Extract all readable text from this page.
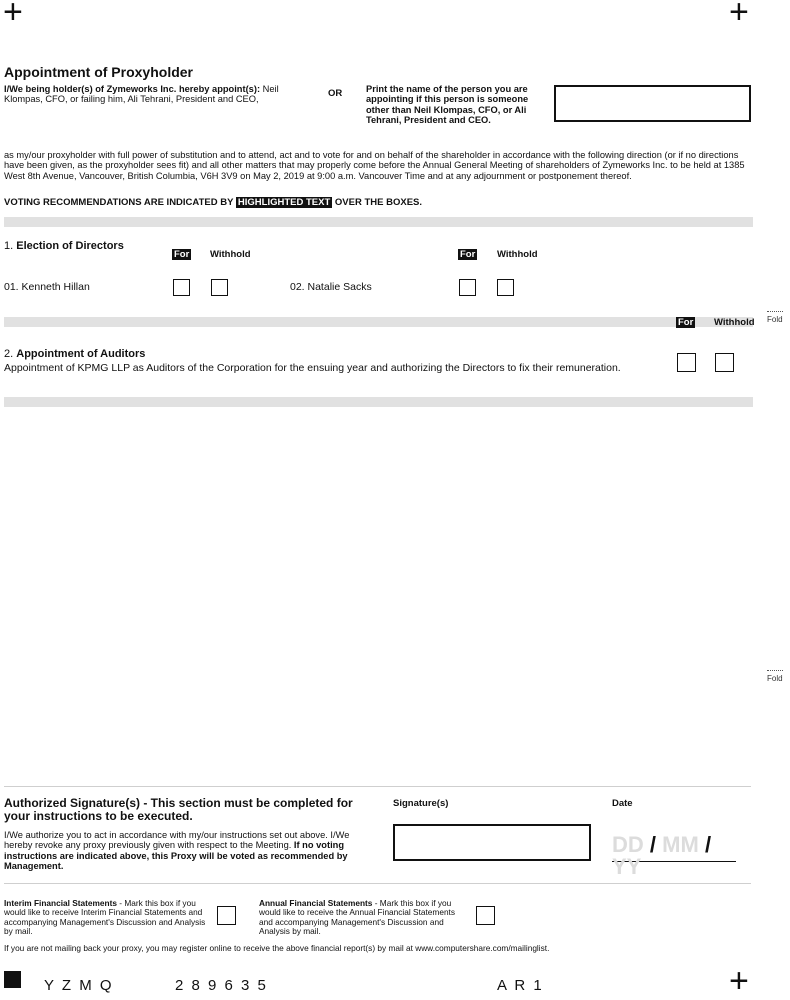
+	+
+
Appointment of Proxyholder
I/We being holder(s) of Zymeworks Inc. hereby appoint(s): Neil Klompas, CFO, or failing him, Ali Tehrani, President and CEO,
OR	Print the name of the person you are appointing if this person is someone other than Neil Klompas, CFO, or Ali Tehrani, President and CEO.
as my/our proxyholder with full power of substitution and to attend, act and to vote for and on behalf of the shareholder in accordance with the following direction (or if no directions have been given, as the proxyholder sees fit) and all other matters that may properly come before the Annual General Meeting of shareholders of Zymeworks Inc. to be held at 1385 West 8th Avenue, Vancouver, British Columbia, V6H 3V9 on May 2, 2019 at 9:00 a.m. Vancouver Time and at any adjournment or postponement thereof.
VOTING RECOMMENDATIONS ARE INDICATED BY HIGHLIGHTED TEXT OVER THE BOXES.
1. Election of Directors
For Withhold	For Withhold
01. Kenneth Hillan	02. Natalie Sacks
For Withhold Fold
Fold
2. Appointment of Auditors
Appointment of KPMG LLP as Auditors of the Corporation for the ensuing year and authorizing the Directors to fix their remuneration.
Authorized Signature(s) - This section must be completed for your instructions to be executed.
I/We authorize you to act in accordance with my/our instructions set out above. I/We hereby revoke any proxy previously given with respect to the Meeting. If no voting instructions are indicated above, this Proxy will be voted as recommended by Management.
Signature(s)	Date
DD / MM / YY
Interim Financial Statements - Mark this box if you would like to receive Interim Financial Statements and accompanying Management's Discussion and Analysis by mail.
Annual Financial Statements - Mark this box if you would like to receive the Annual Financial Statements and accompanying Management's Discussion and Analysis by mail.
If you are not mailing back your proxy, you may register online to receive the above financial report(s) by mail at www.computershare.com/mailinglist.
Y Z M Q	2 8 9 6 3 5	A R 1
